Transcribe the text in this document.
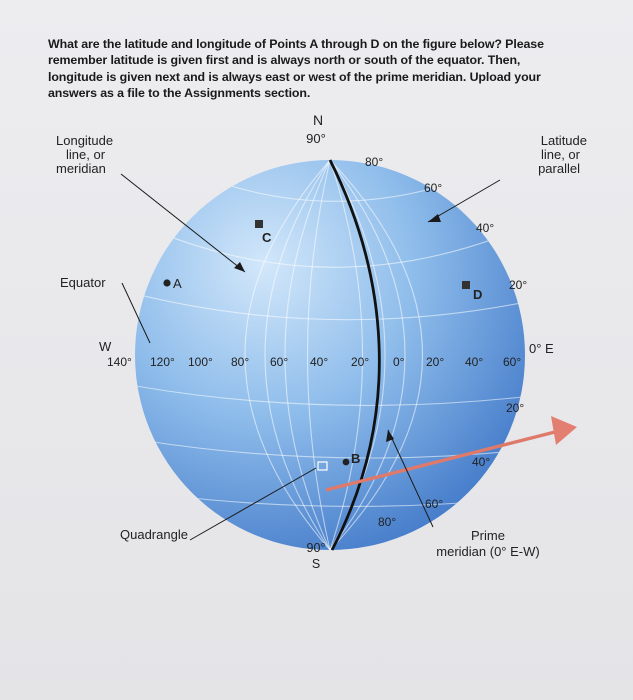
What are the latitude and longitude of Points A through D on the figure below? Please
remember latitude is given first and is always north or south of the equator. Then,
longitude is given next and is always east or west of the prime meridian. Upload your
answers as a file to the Assignments section.
C
A
D
B
N
90°
90°
S
Longitude
line, or
meridian
Latitude
line, or
parallel
Equator
80°
60°
40°
20°
W	0° E
140° 120° 100° 80° 60° 40° 20° 0° 20° 40° 60°
20°
40°
60°
80°
Quadrangle	Prime
meridian (0° E-W)
